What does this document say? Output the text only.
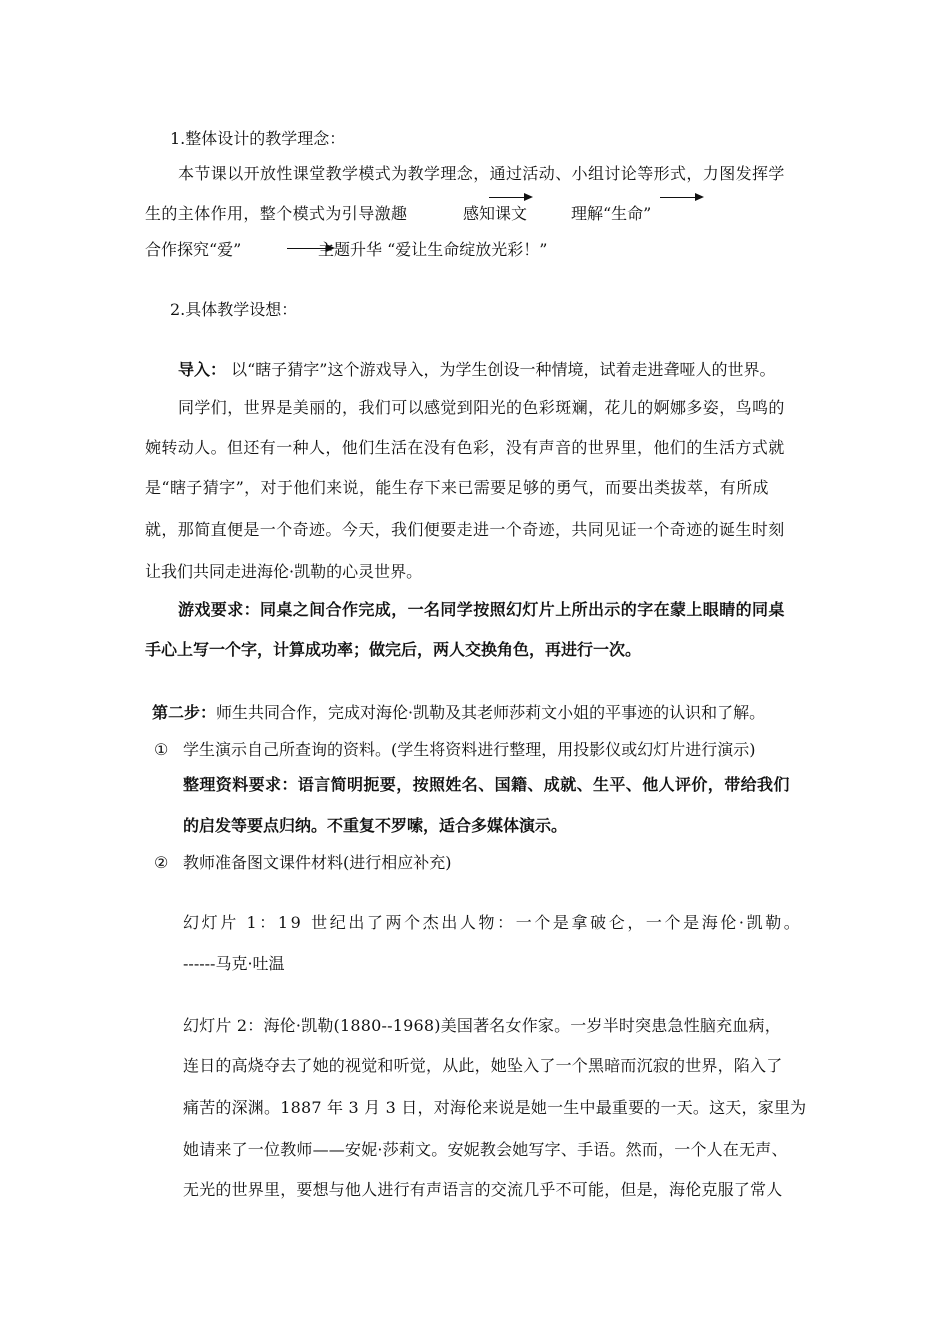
1.整体设计的教学理念：
本节课以开放性课堂教学模式为教学理念，通过活动、小组讨论等形式，力图发挥学
生的主体作用，整个模式为引导激趣	感知课文	理解“生命”
合作探究“爱”	主题升华 “爱让生命绽放光彩！”
2.具体教学设想：
导入： 以“瞎子猜字”这个游戏导入，为学生创设一种情境，试着走进聋哑人的世界。
同学们，世界是美丽的，我们可以感觉到阳光的色彩斑斓，花儿的婀娜多姿，鸟鸣的
婉转动人。但还有一种人，他们生活在没有色彩，没有声音的世界里，他们的生活方式就
是“瞎子猜字”，对于他们来说，能生存下来已需要足够的勇气，而要出类拔萃，有所成
就，那简直便是一个奇迹。今天，我们便要走进一个奇迹，共同见证一个奇迹的诞生时刻
让我们共同走进海伦·凯勒的心灵世界。
游戏要求：同桌之间合作完成，一名同学按照幻灯片上所出示的字在蒙上眼睛的同桌
手心上写一个字，计算成功率；做完后，两人交换角色，再进行一次。
第二步：师生共同合作，完成对海伦·凯勒及其老师莎莉文小姐的平事迹的认识和了解。
① 学生演示自己所查询的资料。(学生将资料进行整理，用投影仪或幻灯片进行演示)
整理资料要求：语言简明扼要，按照姓名、国籍、成就、生平、他人评价，带给我们
的启发等要点归纳。不重复不罗嗦，适合多媒体演示。
② 教师准备图文课件材料(进行相应补充)
幻灯片 1：19 世纪出了两个杰出人物：一个是拿破仑，一个是海伦·凯勒。
------马克·吐温
幻灯片 2：海伦·凯勒(1880--1968)美国著名女作家。一岁半时突患急性脑充血病，
连日的高烧夺去了她的视觉和听觉，从此，她坠入了一个黑暗而沉寂的世界，陷入了
痛苦的深渊。1887 年 3 月 3 日，对海伦来说是她一生中最重要的一天。这天，家里为
她请来了一位教师——安妮·莎莉文。安妮教会她写字、手语。然而，一个人在无声、
无光的世界里，要想与他人进行有声语言的交流几乎不可能，但是，海伦克服了常人
